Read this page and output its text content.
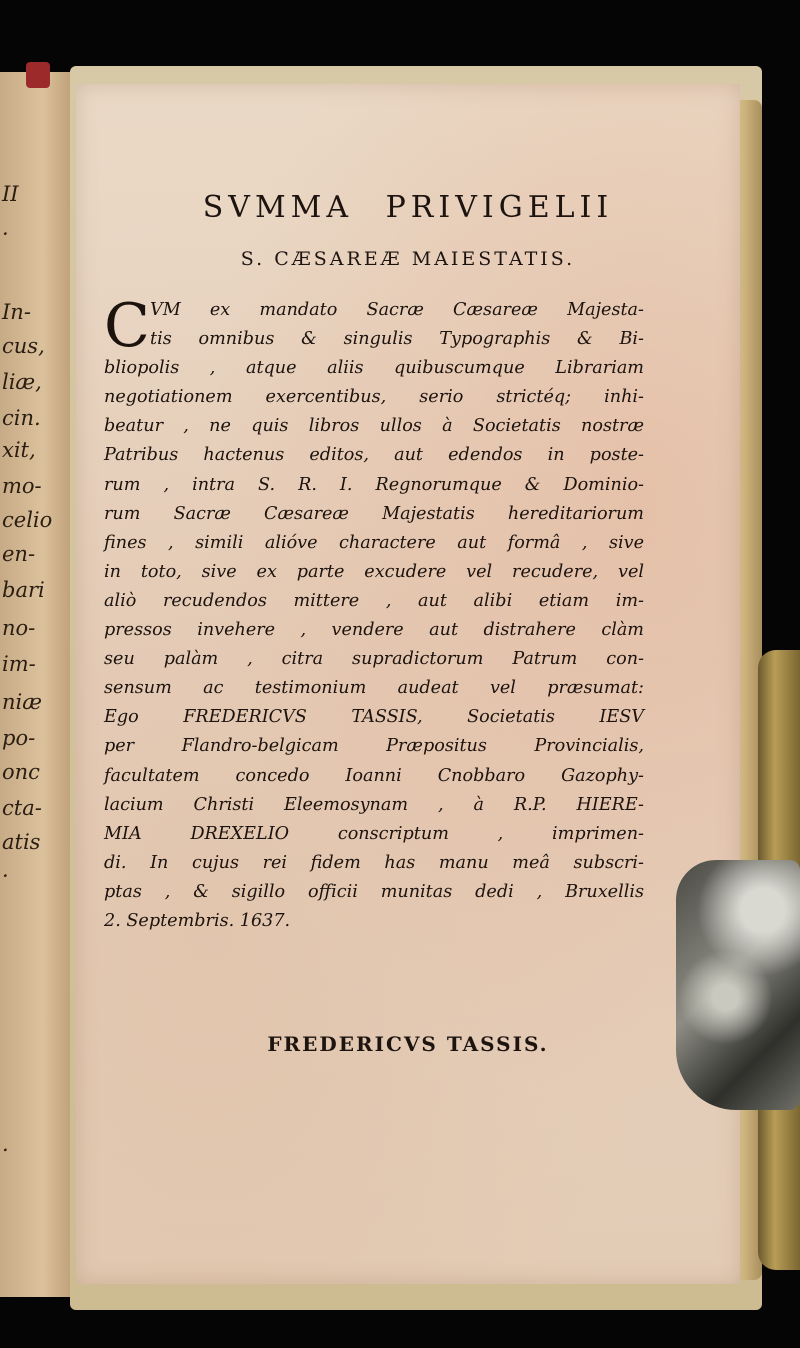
II
·
In-
cus,
liæ,
cin.
xit,
mo-
celio
en-
bari
no-
im-
niæ
po-
onc
cta-
atis
·
.
SVMMA PRIVIGELII
S. CÆSAREÆ MAIESTATIS.
C VM ex mandato Sacræ Cæsareæ Majesta-
tis omnibus & singulis Typographis & Bi-
bliopolis , atque aliis quibuscumque Librariam
negotiationem exercentibus, serio strictéq; inhi-
beatur , ne quis libros ullos à Societatis nostræ
Patribus hactenus editos, aut edendos in poste-
rum , intra S. R. I. Regnorumque & Dominio-
rum Sacræ Cæsareæ Majestatis hereditariorum
fines , simili alióve charactere aut formâ , sive
in toto, sive ex parte excudere vel recudere, vel
aliò recudendos mittere , aut alibi etiam im-
pressos invehere , vendere aut distrahere clàm
seu palàm , citra supradictorum Patrum con-
sensum ac testimonium audeat vel præsumat:
Ego FREDERICVS TASSIS, Societatis IESV
per Flandro-belgicam Præpositus Provincialis,
facultatem concedo Ioanni Cnobbaro Gazophy-
lacium Christi Eleemosynam , à R.P. HIERE-
MIA DREXELIO conscriptum , imprimen-
di. In cujus rei fidem has manu meâ subscri-
ptas , & sigillo officii munitas dedi , Bruxellis
2. Septembris. 1637.
FREDERICVS TASSIS.
